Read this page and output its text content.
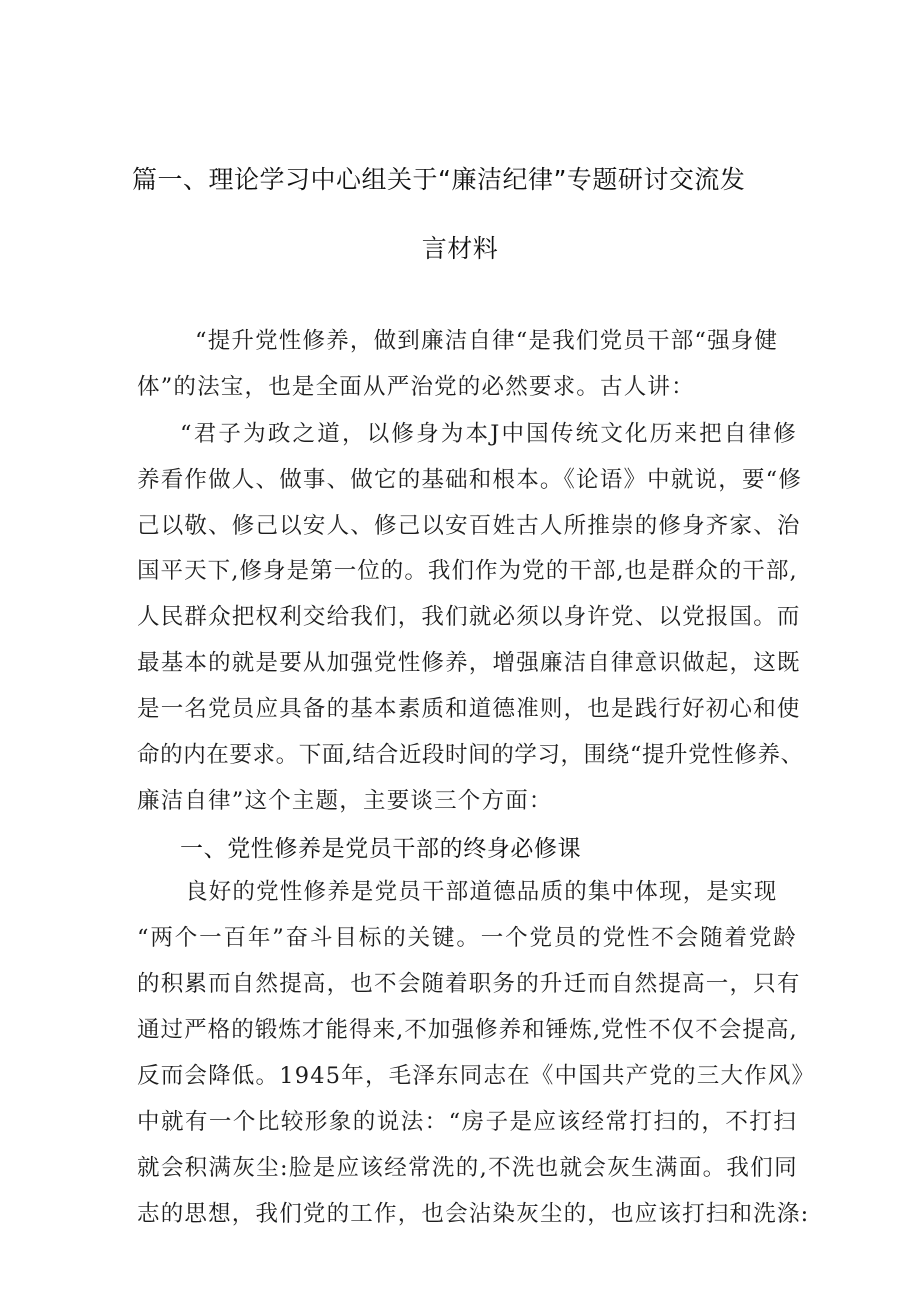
篇一、理论学习中心组关于“廉洁纪律”专题研讨交流发
言材料
“提升党性修养，做到廉洁自律“是我们党员干部“强身健
体”的法宝，也是全面从严治党的必然要求。古人讲：
“君子为政之道，以修身为本J中国传统文化历来把自律修
养看作做人、做事、做它的基础和根本。《论语》中就说，要“修
己以敬、修己以安人、修己以安百姓古人所推崇的修身齐家、治
国平天下,修身是第一位的。我们作为党的干部,也是群众的干部,
人民群众把权利交给我们，我们就必须以身许党、以党报国。而
最基本的就是要从加强党性修养，增强廉洁自律意识做起，这既
是一名党员应具备的基本素质和道德准则，也是践行好初心和使
命的内在要求。下面,结合近段时间的学习，围绕“提升党性修养、
廉洁自律”这个主题，主要谈三个方面：
一、党性修养是党员干部的终身必修课
良好的党性修养是党员干部道德品质的集中体现，是实现
“两个一百年”奋斗目标的关键。一个党员的党性不会随着党龄
的积累而自然提高，也不会随着职务的升迁而自然提高一，只有
通过严格的锻炼才能得来,不加强修养和锤炼,党性不仅不会提高,
反而会降低。1945年，毛泽东同志在《中国共产党的三大作风》
中就有一个比较形象的说法：“房子是应该经常打扫的，不打扫
就会积满灰尘:脸是应该经常洗的,不洗也就会灰生满面。我们同
志的思想，我们党的工作，也会沾染灰尘的，也应该打扫和洗涤:
